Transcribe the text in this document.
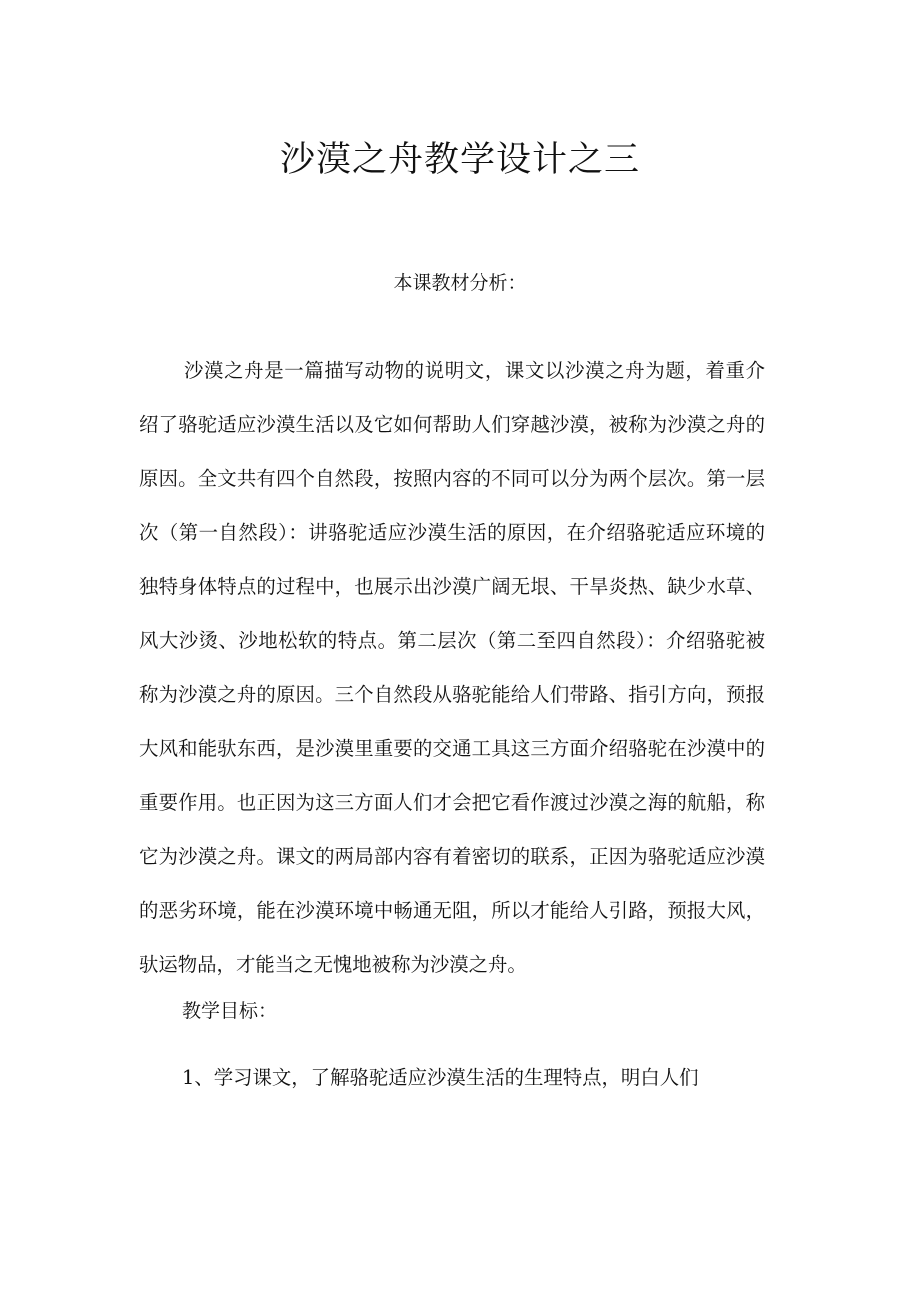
沙漠之舟教学设计之三

本课教材分析：

沙漠之舟是一篇描写动物的说明文，课文以沙漠之舟为题，着重介绍了骆驼适应沙漠生活以及它如何帮助人们穿越沙漠，被称为沙漠之舟的原因。全文共有四个自然段，按照内容的不同可以分为两个层次。第一层次（第一自然段）：讲骆驼适应沙漠生活的原因，在介绍骆驼适应环境的独特身体特点的过程中，也展示出沙漠广阔无垠、干旱炎热、缺少水草、风大沙烫、沙地松软的特点。第二层次（第二至四自然段）：介绍骆驼被称为沙漠之舟的原因。三个自然段从骆驼能给人们带路、指引方向，预报大风和能驮东西，是沙漠里重要的交通工具这三方面介绍骆驼在沙漠中的重要作用。也正因为这三方面人们才会把它看作渡过沙漠之海的航船，称它为沙漠之舟。课文的两局部内容有着密切的联系，正因为骆驼适应沙漠的恶劣环境，能在沙漠环境中畅通无阻，所以才能给人引路，预报大风，驮运物品，才能当之无愧地被称为沙漠之舟。

教学目标：

1、学习课文，了解骆驼适应沙漠生活的生理特点，明白人们
